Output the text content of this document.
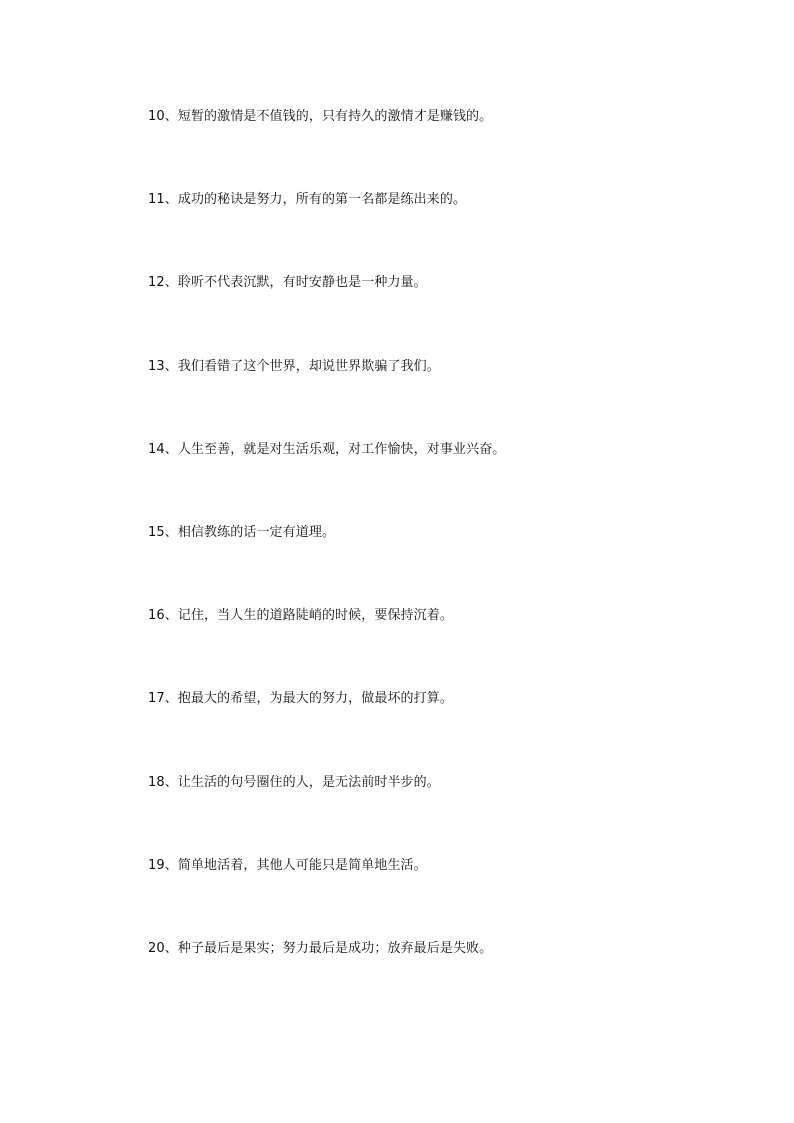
10、短暂的激情是不值钱的，只有持久的激情才是赚钱的。
11、成功的秘诀是努力，所有的第一名都是练出来的。
12、聆听不代表沉默，有时安静也是一种力量。
13、我们看错了这个世界，却说世界欺骗了我们。
14、人生至善，就是对生活乐观，对工作愉快，对事业兴奋。
15、相信教练的话一定有道理。
16、记住，当人生的道路陡峭的时候，要保持沉着。
17、抱最大的希望，为最大的努力，做最坏的打算。
18、让生活的句号圈住的人，是无法前时半步的。
19、简单地活着，其他人可能只是简单地生活。
20、种子最后是果实；努力最后是成功；放弃最后是失败。
